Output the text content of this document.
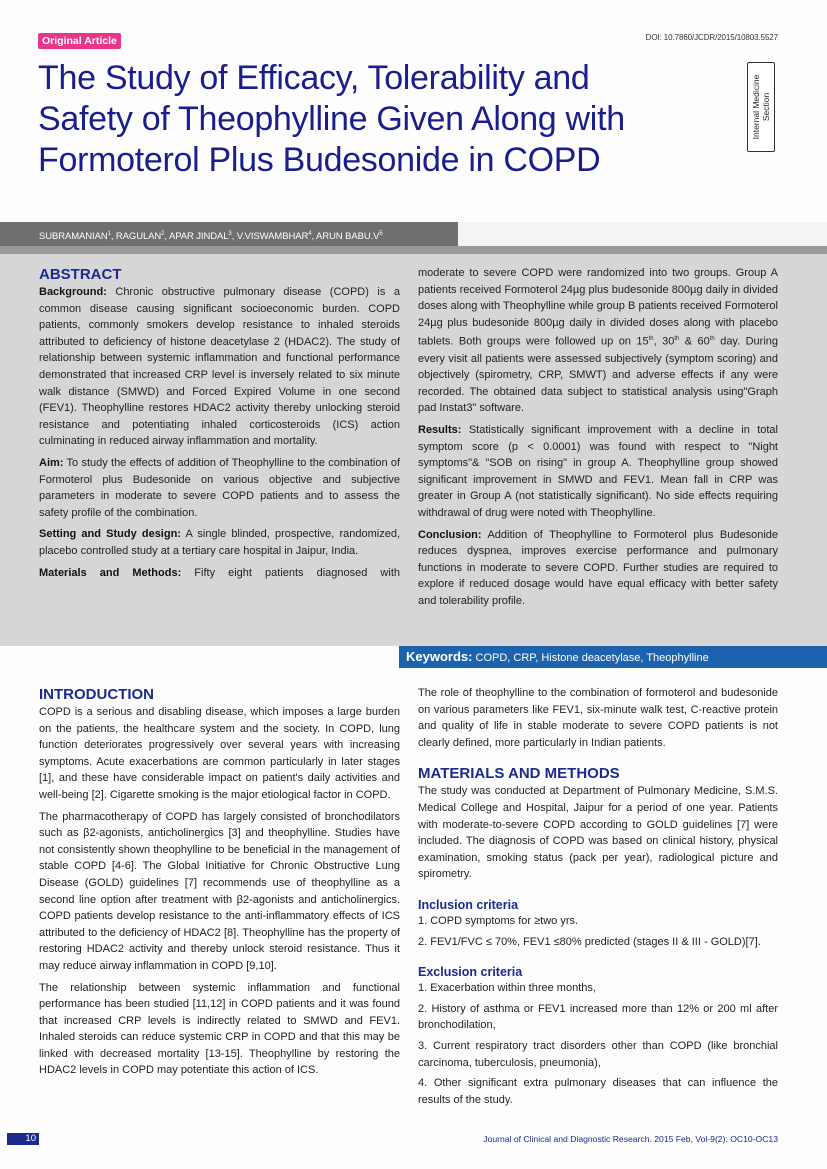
Original Article	DOI: 10.7860/JCDR/2015/10803.5527
The Study of Efficacy, Tolerability and Safety of Theophylline Given Along with Formoterol Plus Budesonide in COPD
Internal Medicine Section
SUBRAMANIAN$^1$, RAGULAN$^2$, APAR JINDAL$^3$, V.VISWAMBHAR$^4$, ARUN $BABU.V^5$
ABSTRACT

Background: Chronic obstructive pulmonary disease (COPD) is a common disease causing significant socioeconomic burden. COPD patients, commonly smokers develop resistance to inhaled steroids attributed to deficiency of histone deacetylase 2 (HDAC2). The study of relationship between systemic inflammation and functional performance demonstrated that increased CRP level is inversely related to six minute walk distance (SMWD) and Forced Expired Volume in one second (FEV1). Theophylline restores HDAC2 activity thereby unlocking steroid resistance and potentiating inhaled corticosteroids (ICS) action culminating in reduced airway inflammation and mortality.

Aim: To study the effects of addition of Theophylline to the combination of Formoterol plus Budesonide on various objective and subjective parameters in moderate to severe COPD patients and to assess the safety profile of the combination.

Setting and Study design: A single blinded, prospective, randomized, placebo controlled study at a tertiary care hospital in Jaipur, India.

Materials and Methods: Fifty eight patients diagnosed with

moderate to severe COPD were randomized into two groups. Group A patients received Formoterol 24µg plus budesonide 800µg daily in divided doses along with Theophylline while group B patients received Formoterol 24µg plus budesonide 800µg daily in divided doses along with placebo tablets. Both groups were followed up on 15th, 30th & 60th day. During every visit all patients were assessed subjectively (symptom scoring) and objectively (spirometry, CRP, SMWT) and adverse effects if any were recorded. The obtained data subject to statistical analysis using"Graph pad Instat3" software.

Results: Statistically significant improvement with a decline in total symptom score (p < 0.0001) was found with respect to "Night symptoms"& "SOB on rising" in group A. Theophylline group showed significant improvement in SMWD and FEV1. Mean fall in CRP was greater in Group A (not statistically significant). No side effects requiring withdrawal of drug were noted with Theophylline.

Conclusion: Addition of Theophylline to Formoterol plus Budesonide reduces dyspnea, improves exercise performance and pulmonary functions in moderate to severe COPD. Further studies are required to explore if reduced dosage would have equal efficacy with better safety and tolerability profile.

Keywords: COPD, CRP, Histone deacetylase, Theophylline
INTRODUCTION

COPD is a serious and disabling disease, which imposes a large burden on the patients, the healthcare system and the society. In COPD, lung function deteriorates progressively over several years with increasing symptoms. Acute exacerbations are common particularly in later stages [1], and these have considerable impact on patient's daily activities and well-being [2]. Cigarette smoking is the major etiological factor in COPD.

The pharmacotherapy of COPD has largely consisted of bronchodilators such as β2-agonists, anticholinergics [3] and theophylline. Studies have not consistently shown theophylline to be beneficial in the management of stable COPD [4-6]. The Global Initiative for Chronic Obstructive Lung Disease (GOLD) guidelines [7] recommends use of theophylline as a second line option after treatment with β2-agonists and anticholinergics. COPD patients develop resistance to the anti-inflammatory effects of ICS attributed to the deficiency of HDAC2 [8]. Theophylline has the property of restoring HDAC2 activity and thereby unlock steroid resistance. Thus it may reduce airway inflammation in COPD [9,10].

The relationship between systemic inflammation and functional performance has been studied [11,12] in COPD patients and it was found that increased CRP levels is indirectly related to SMWD and FEV1. Inhaled steroids can reduce systemic CRP in COPD and that this may be linked with decreased mortality [13-15]. Theophylline by restoring the HDAC2 levels in COPD may potentiate this action of ICS.

The role of theophylline to the combination of formoterol and budesonide on various parameters like FEV1, six-minute walk test, C-reactive protein and quality of life in stable moderate to severe COPD patients is not clearly defined, more particularly in Indian patients.

MATERIALS AND METHODS

The study was conducted at Department of Pulmonary Medicine, S.M.S. Medical College and Hospital, Jaipur for a period of one year. Patients with moderate-to-severe COPD according to GOLD guidelines [7] were included. The diagnosis of COPD was based on clinical history, physical examination, smoking status (pack per year), radiological picture and spirometry.

Inclusion criteria

1. COPD symptoms for ≥two yrs.

2. FEV1/FVC ≤ 70%, FEV1 ≤80% predicted (stages II & III - GOLD)[7].

Exclusion criteria

1. Exacerbation within three months,

2. History of asthma or FEV1 increased more than 12% or 200 ml after bronchodilation,

3. Current respiratory tract disorders other than COPD (like bronchial carcinoma, tuberculosis, pneumonia),

4. Other significant extra pulmonary diseases that can influence the results of the study.

10	Journal of Clinical and Diagnostic Research. 2015 Feb, Vol-9(2): OC10-OC13
